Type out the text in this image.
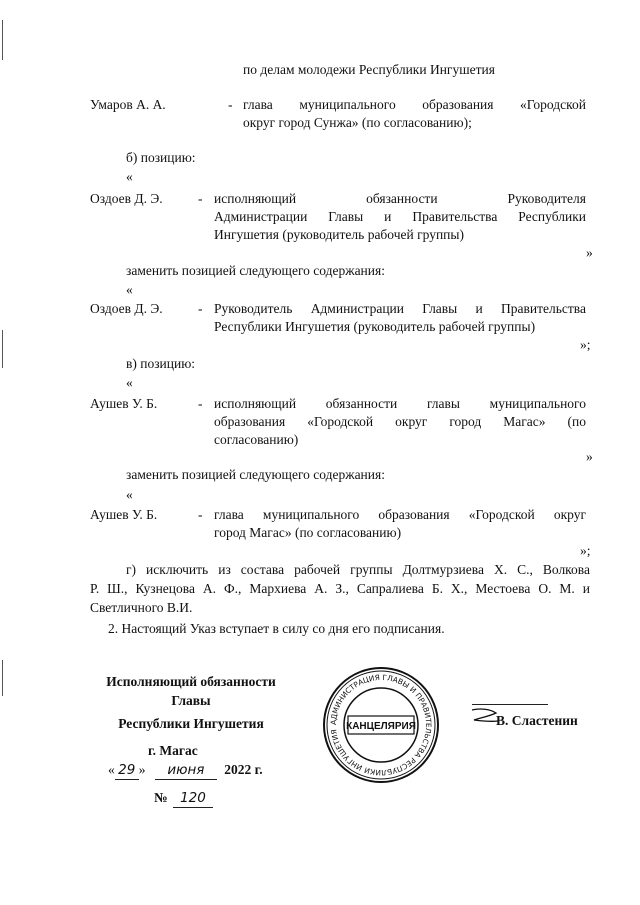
по делам молодежи Республики Ингушетия
Умаров А. А.	- глава муниципального образования «Городской
округ город Сунжа» (по согласованию);
б) позицию:
«
Оздоев Д. Э.	- исполняющий обязанности Руководителя
Администрации Главы и Правительства Республики
Ингушетия (руководитель рабочей группы)
»
заменить позицией следующего содержания:
«
Оздоев Д. Э.	- Руководитель Администрации Главы и Правительства
Республики Ингушетия (руководитель рабочей группы)
»;
в) позицию:
«
Аушев У. Б.	- исполняющий обязанности главы муниципального
образования «Городской округ город Магас» (по
согласованию)
»
заменить позицией следующего содержания:
«
Аушев У. Б.	- глава муниципального образования «Городской округ
город Магас» (по согласованию)
»;
г) исключить из состава рабочей группы Долтмурзиева Х. С., Волкова
Р. Ш., Кузнецова А. Ф., Мархиева А. З., Сапралиева Б. Х., Местоева О. М. и
Светличного В.И.
2. Настоящий Указ вступает в силу со дня его подписания.
Исполняющий обязанности
Главы
Республики Ингушетия
г. Магас
« 29 » июня 2022 г.
№ 120
АДМИНИСТРАЦИЯ ГЛАВЫ И ПРАВИТЕЛЬСТВА РЕСПУБЛИКИ ИНГУШЕТИЯ КАНЦЕЛЯРИЯ	В. Сластенин
